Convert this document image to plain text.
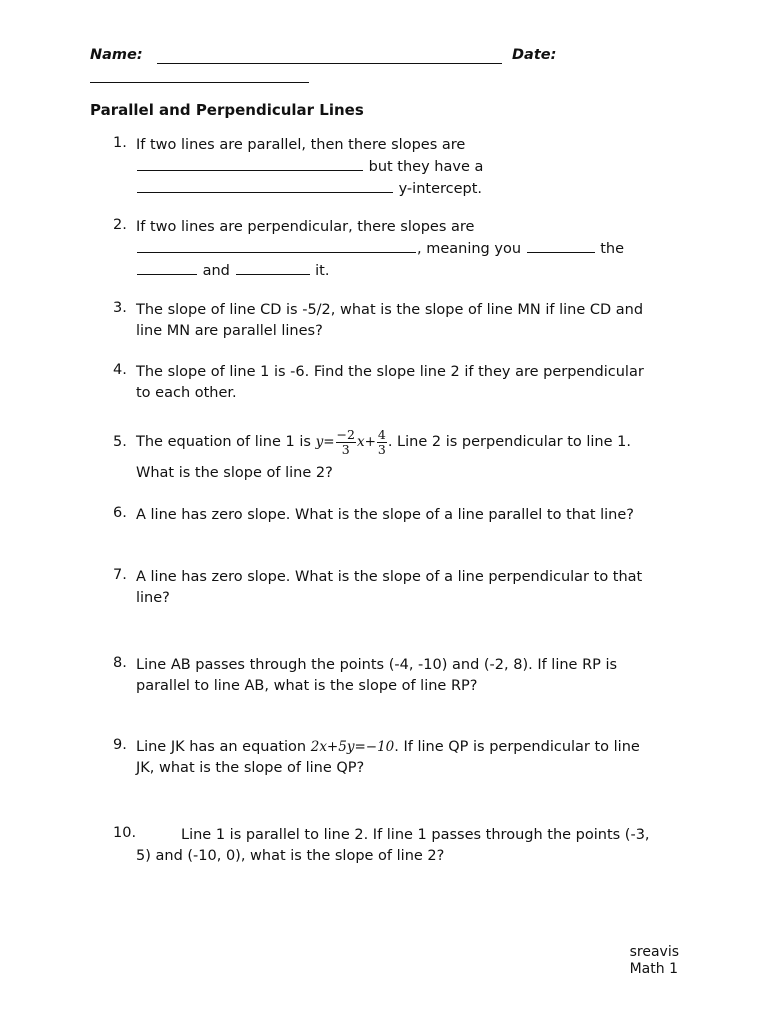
Name:	Date:
Parallel and Perpendicular Lines
1. If two lines are parallel, then there slopes are
but they have a
y-intercept.
2. If two lines are perpendicular, there slopes are
, meaning you	the
and	it.
3. The slope of line CD is -5/2, what is the slope of line MN if line CD and
line MN are parallel lines?
4. The slope of line 1 is -6. Find the slope line 2 if they are perpendicular
to each other.
5. The equation of line 1 is $y= \frac{-2}{3} x+ \frac{4}{3}$ . Line 2 is perpendicular to line 1.
What is the slope of line 2?
6. A line has zero slope. What is the slope of a line parallel to that line?
7. A line has zero slope. What is the slope of a line perpendicular to that
line?
8. Line AB passes through the points (-4, -10) and (-2, 8). If line RP is
parallel to line AB, what is the slope of line RP?
9. Line JK has an equation 2x+5y=−10. If line QP is perpendicular to line
JK, what is the slope of line QP?
10.	Line 1 is parallel to line 2. If line 1 passes through the points (-3,
5) and (-10, 0), what is the slope of line 2?
sreavis
Math 1
